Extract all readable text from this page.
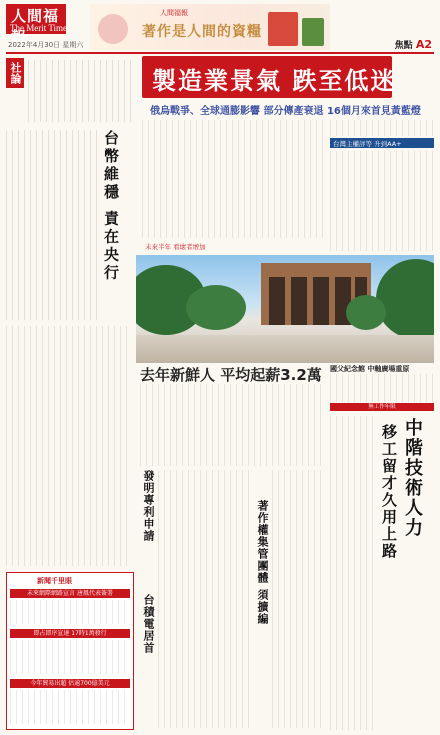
人間福報
The Merit Times
2022年4月30日 星期六
人間福報
著作是人間的資糧
焦點 A2
社論
台幣維穩 責在央行
製造業景氣 跌至低迷
俄烏戰爭、全球通膨影響 部分傳產衰退 16個月來首見黃藍燈
台灣主權評等 升到AA+
未來半年 看壞者增加
去年新鮮人 平均起薪3.2萬 國父紀念館 中軸廣場重原
無工作年限
發明專利申請
台積電居首	著作權集管團體 須擴編
中階技術人力
移工留才久用上路
新聞千里眼
未來網際網路宣言 唐鳳代表簽署
即占即序宣達 17時1萬發行
今年貿易出超 估逾700億美元
